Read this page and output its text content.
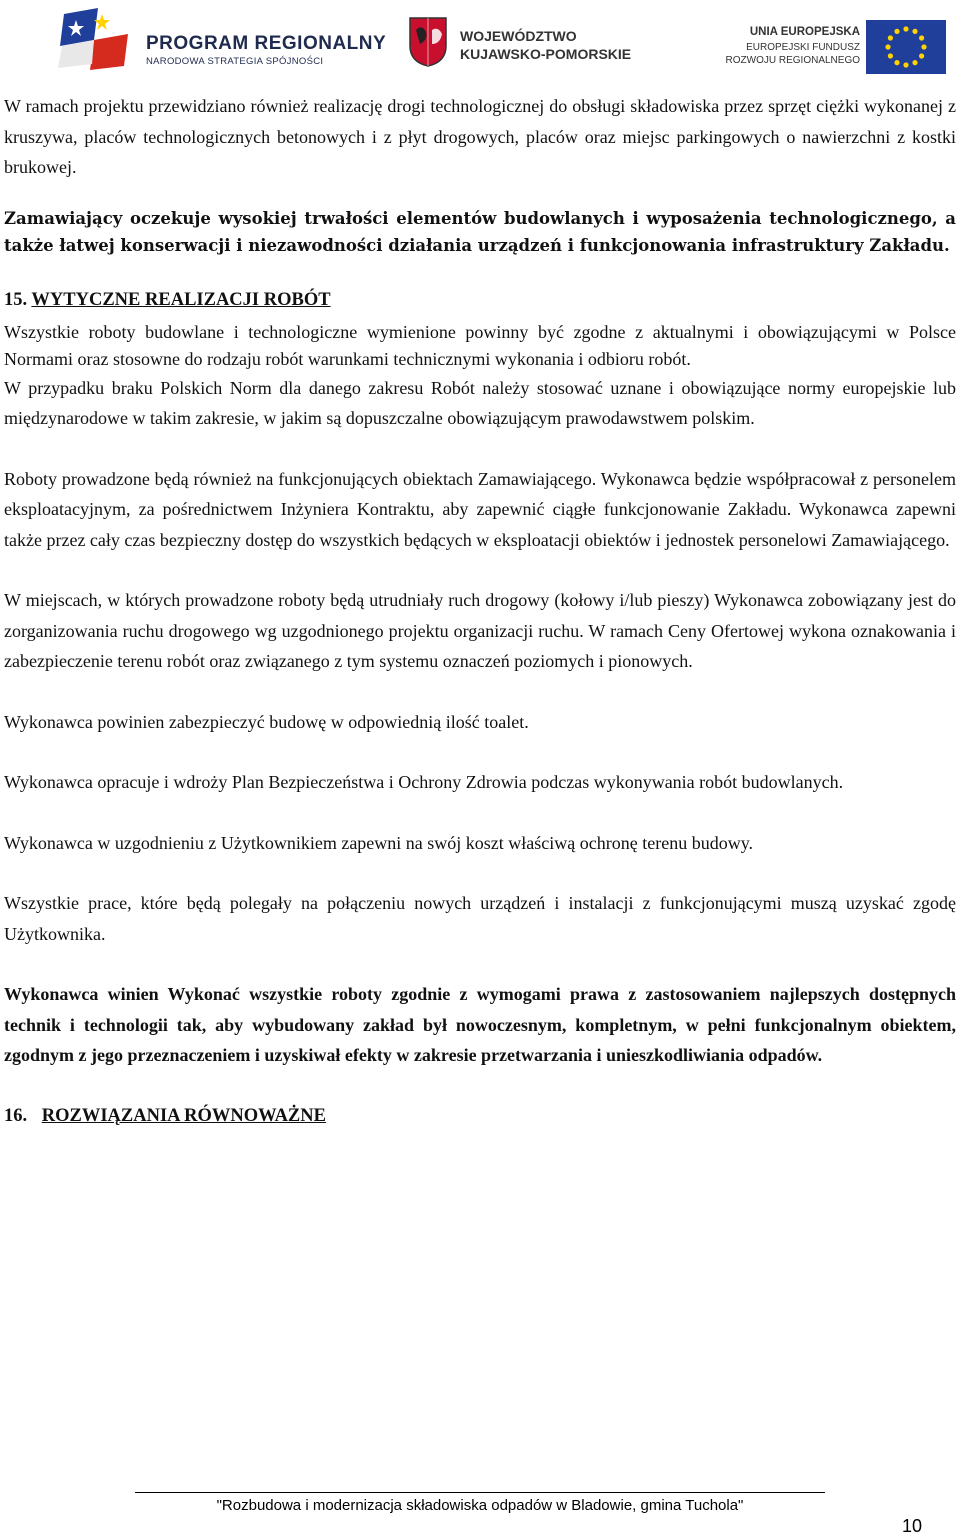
PROGRAM REGIONALNY
NARODOWA STRATEGIA SPÓJNOŚCI
WOJEWÓDZTWO
KUJAWSKO-POMORSKIE
UNIA EUROPEJSKA
EUROPEJSKI FUNDUSZ
ROZWOJU REGIONALNEGO

W ramach projektu przewidziano również realizację drogi technologicznej do obsługi składowiska przez sprzęt ciężki wykonanej z kruszywa, placów technologicznych betonowych i z płyt drogowych, placów oraz miejsc parkingowych o nawierzchni z kostki brukowej.

Zamawiający oczekuje wysokiej trwałości elementów budowlanych i wyposażenia technologicznego, a także łatwej konserwacji i niezawodności działania urządzeń i funkcjonowania infrastruktury Zakładu.

15. WYTYCZNE REALIZACJI ROBÓT

Wszystkie roboty budowlane i technologiczne wymienione powinny być zgodne z aktualnymi i obowiązującymi w Polsce Normami oraz stosowne do rodzaju robót warunkami technicznymi wykonania i odbioru robót.

W przypadku braku Polskich Norm dla danego zakresu Robót należy stosować uznane i obowiązujące normy europejskie lub międzynarodowe w takim zakresie, w jakim są dopuszczalne obowiązującym prawodawstwem polskim.

Roboty prowadzone będą również na funkcjonujących obiektach Zamawiającego. Wykonawca będzie współpracował z personelem eksploatacyjnym, za pośrednictwem Inżyniera Kontraktu, aby zapewnić ciągłe funkcjonowanie Zakładu. Wykonawca zapewni także przez cały czas bezpieczny dostęp do wszystkich będących w eksploatacji obiektów i jednostek personelowi Zamawiającego.

W miejscach, w których prowadzone roboty będą utrudniały ruch drogowy (kołowy i/lub pieszy) Wykonawca zobowiązany jest do zorganizowania ruchu drogowego wg uzgodnionego projektu organizacji ruchu. W ramach Ceny Ofertowej wykona oznakowania i zabezpieczenie terenu robót oraz związanego z tym systemu oznaczeń poziomych i pionowych.

Wykonawca powinien zabezpieczyć budowę w odpowiednią ilość toalet.

Wykonawca opracuje i wdroży Plan Bezpieczeństwa i Ochrony Zdrowia podczas wykonywania robót budowlanych.

Wykonawca w uzgodnieniu z Użytkownikiem zapewni na swój koszt właściwą ochronę terenu budowy.

Wszystkie prace, które będą polegały na połączeniu nowych urządzeń i instalacji z funkcjonującymi muszą uzyskać zgodę Użytkownika.

Wykonawca winien Wykonać wszystkie roboty zgodnie z wymogami prawa z zastosowaniem najlepszych dostępnych technik i technologii tak, aby wybudowany zakład był nowoczesnym, kompletnym, w pełni funkcjonalnym obiektem, zgodnym z jego przeznaczeniem i uzyskiwał efekty w zakresie przetwarzania i unieszkodliwiania odpadów.

16. ROZWIĄZANIA RÓWNOWAŻNE
"Rozbudowa i modernizacja składowiska odpadów w Bladowie, gmina Tuchola"
10
